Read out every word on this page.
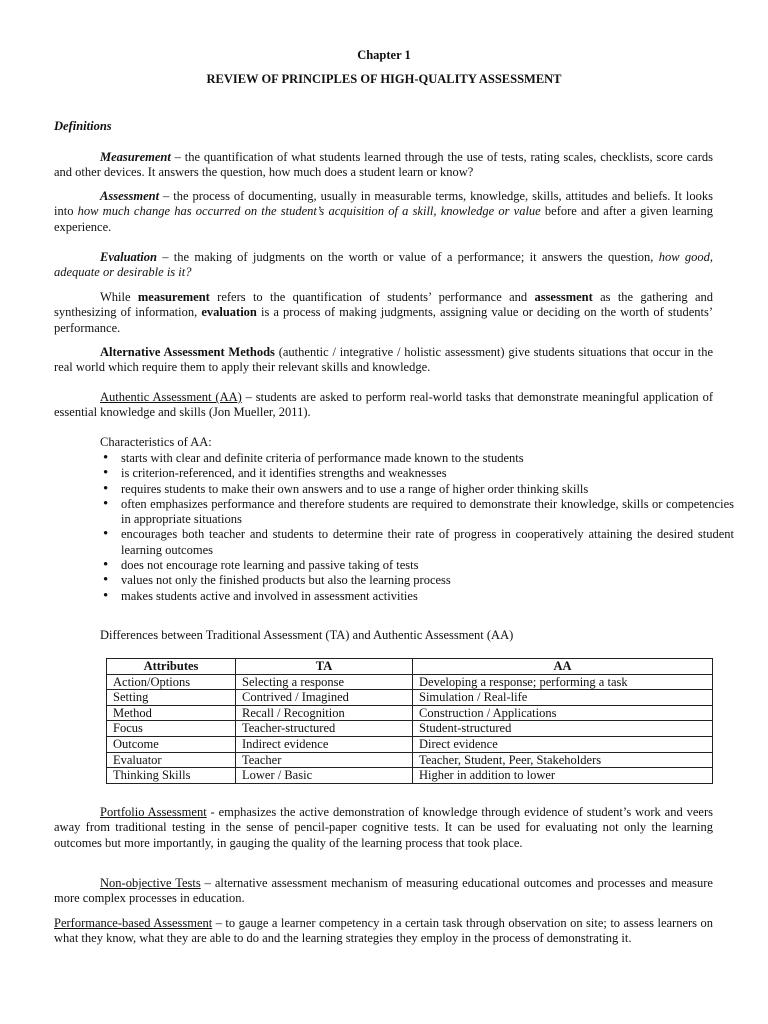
Chapter 1

REVIEW OF PRINCIPLES OF HIGH-QUALITY ASSESSMENT

Definitions

Measurement – the quantification of what students learned through the use of tests, rating scales, checklists, score cards and other devices. It answers the question, how much does a student learn or know?

Assessment – the process of documenting, usually in measurable terms, knowledge, skills, attitudes and beliefs. It looks into how much change has occurred on the student’s acquisition of a skill, knowledge or value before and after a given learning experience.

Evaluation – the making of judgments on the worth or value of a performance; it answers the question, how good, adequate or desirable is it?

While measurement refers to the quantification of students’ performance and assessment as the gathering and synthesizing of information, evaluation is a process of making judgments, assigning value or deciding on the worth of students’ performance.

Alternative Assessment Methods (authentic / integrative / holistic assessment) give students situations that occur in the real world which require them to apply their relevant skills and knowledge.

Authentic Assessment (AA) – students are asked to perform real-world tasks that demonstrate meaningful application of essential knowledge and skills (Jon Mueller, 2011).

Characteristics of AA:

• starts with clear and definite criteria of performance made known to the students
• is criterion-referenced, and it identifies strengths and weaknesses
• requires students to make their own answers and to use a range of higher order thinking skills
• often emphasizes performance and therefore students are required to demonstrate their knowledge, skills or competencies in appropriate situations
• encourages both teacher and students to determine their rate of progress in cooperatively attaining the desired student learning outcomes
• does not encourage rote learning and passive taking of tests
• values not only the finished products but also the learning process
• makes students active and involved in assessment activities

Differences between Traditional Assessment (TA) and Authentic Assessment (AA)

Attributes	TA	AA
Action/Options	Selecting a response	Developing a response; performing a task
Setting	Contrived / Imagined	Simulation / Real-life
Method	Recall / Recognition	Construction / Applications
Focus	Teacher-structured	Student-structured
Outcome	Indirect evidence	Direct evidence
Evaluator	Teacher	Teacher, Student, Peer, Stakeholders
Thinking Skills	Lower / Basic	Higher in addition to lower

Portfolio Assessment - emphasizes the active demonstration of knowledge through evidence of student’s work and veers away from traditional testing in the sense of pencil-paper cognitive tests. It can be used for evaluating not only the learning outcomes but more importantly, in gauging the quality of the learning process that took place.

Non-objective Tests – alternative assessment mechanism of measuring educational outcomes and processes and measure more complex processes in education.

Performance-based Assessment – to gauge a learner competency in a certain task through observation on site; to assess learners on what they know, what they are able to do and the learning strategies they employ in the process of demonstrating it.
